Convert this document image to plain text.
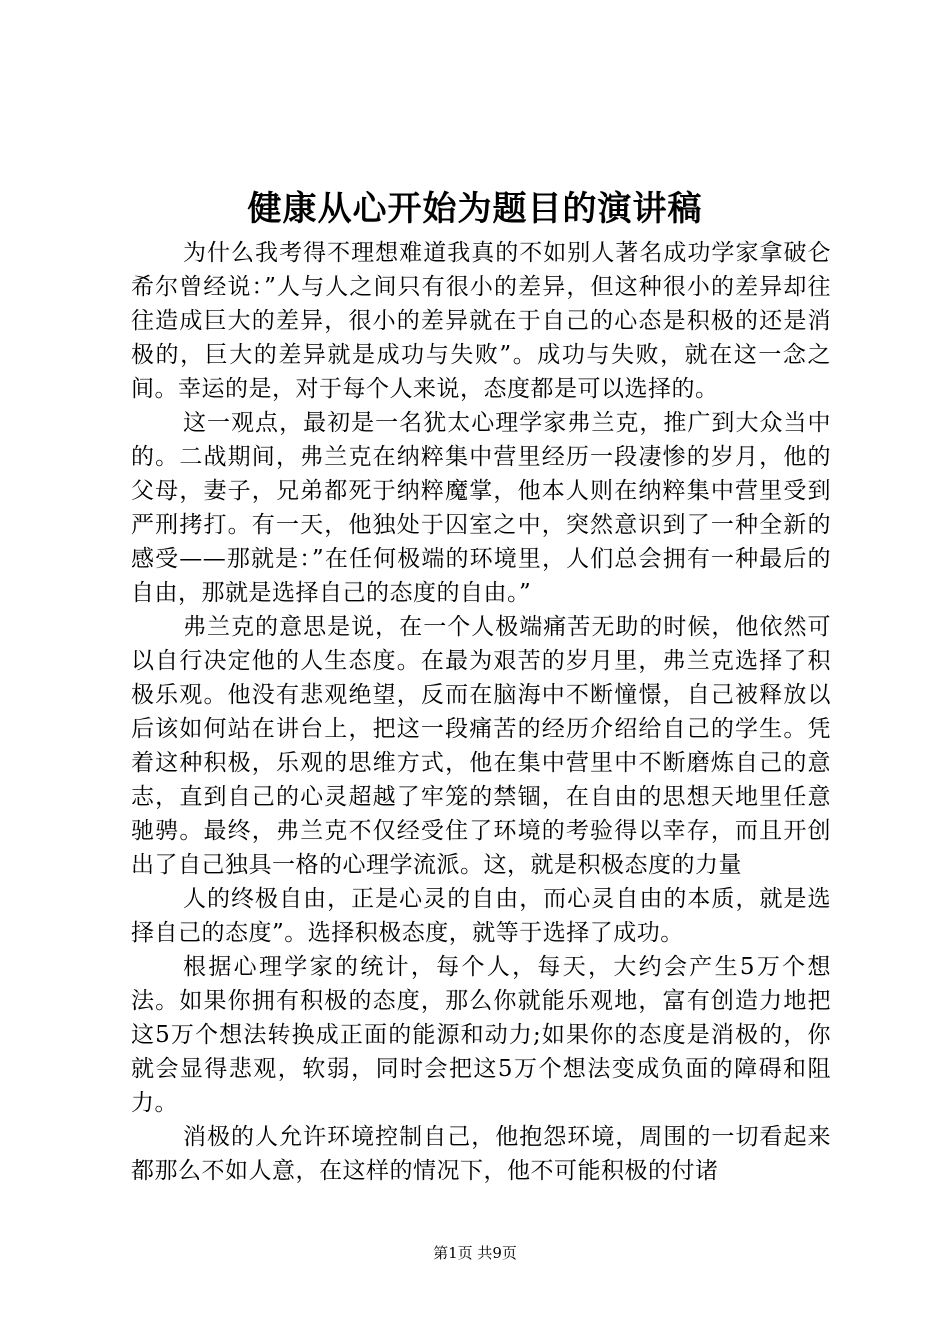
健康从心开始为题目的演讲稿

为什么我考得不理想难道我真的不如别人著名成功学家拿破仑希尔曾经说：”人与人之间只有很小的差异，但这种很小的差异却往往造成巨大的差异，很小的差异就在于自己的心态是积极的还是消极的，巨大的差异就是成功与失败”。成功与失败，就在这一念之间。幸运的是，对于每个人来说，态度都是可以选择的。

这一观点，最初是一名犹太心理学家弗兰克，推广到大众当中的。二战期间，弗兰克在纳粹集中营里经历一段凄惨的岁月，他的父母，妻子，兄弟都死于纳粹魔掌，他本人则在纳粹集中营里受到严刑拷打。有一天，他独处于囚室之中，突然意识到了一种全新的感受——那就是：”在任何极端的环境里，人们总会拥有一种最后的自由，那就是选择自己的态度的自由。”

弗兰克的意思是说，在一个人极端痛苦无助的时候，他依然可以自行决定他的人生态度。在最为艰苦的岁月里，弗兰克选择了积极乐观。他没有悲观绝望，反而在脑海中不断憧憬，自己被释放以后该如何站在讲台上，把这一段痛苦的经历介绍给自己的学生。凭着这种积极，乐观的思维方式，他在集中营里中不断磨炼自己的意志，直到自己的心灵超越了牢笼的禁锢，在自由的思想天地里任意驰骋。最终，弗兰克不仅经受住了环境的考验得以幸存，而且开创出了自己独具一格的心理学流派。这，就是积极态度的力量

人的终极自由，正是心灵的自由，而心灵自由的本质，就是选择自己的态度”。选择积极态度，就等于选择了成功。

根据心理学家的统计，每个人，每天，大约会产生5万个想法。如果你拥有积极的态度，那么你就能乐观地，富有创造力地把这5万个想法转换成正面的能源和动力;如果你的态度是消极的，你就会显得悲观，软弱，同时会把这5万个想法变成负面的障碍和阻力。

消极的人允许环境控制自己，他抱怨环境，周围的一切看起来都那么不如人意，在这样的情况下，他不可能积极的付诸

第1页 共9页
